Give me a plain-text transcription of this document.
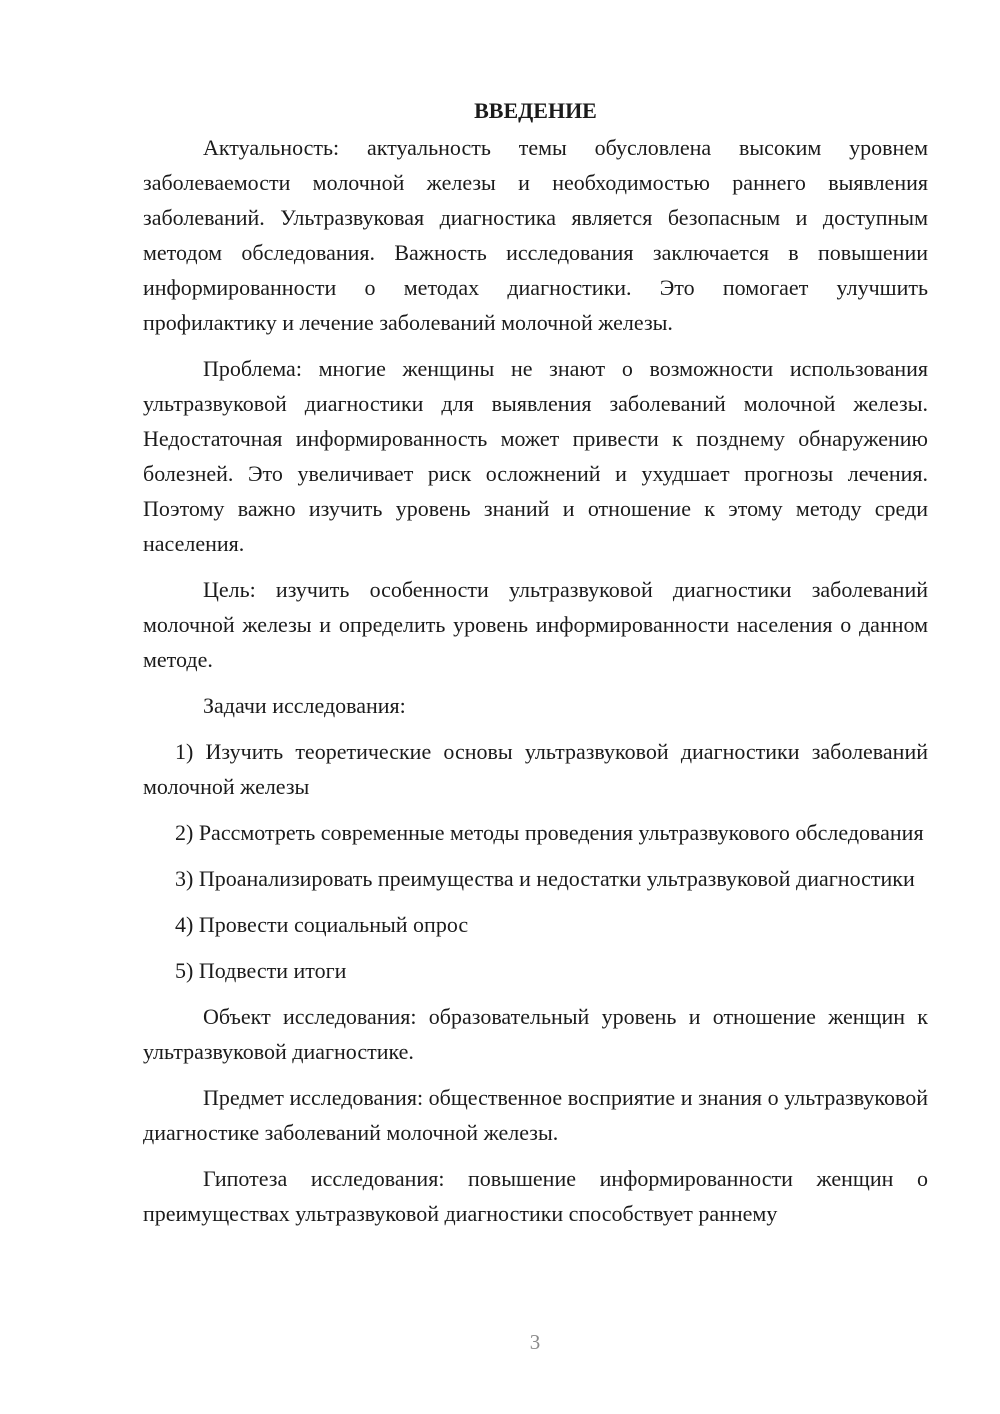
ВВЕДЕНИЕ

Актуальность: актуальность темы обусловлена высоким уровнем заболеваемости молочной железы и необходимостью раннего выявления заболеваний. Ультразвуковая диагностика является безопасным и доступным методом обследования. Важность исследования заключается в повышении информированности о методах диагностики. Это помогает улучшить профилактику и лечение заболеваний молочной железы.

Проблема: многие женщины не знают о возможности использования ультразвуковой диагностики для выявления заболеваний молочной железы. Недостаточная информированность может привести к позднему обнаружению болезней. Это увеличивает риск осложнений и ухудшает прогнозы лечения. Поэтому важно изучить уровень знаний и отношение к этому методу среди населения.

Цель: изучить особенности ультразвуковой диагностики заболеваний молочной железы и определить уровень информированности населения о данном методе.

Задачи исследования:

1) Изучить теоретические основы ультразвуковой диагностики заболеваний молочной железы

2) Рассмотреть современные методы проведения ультразвукового обследования

3) Проанализировать преимущества и недостатки ультразвуковой диагностики

4) Провести социальный опрос

5) Подвести итоги

Объект исследования: образовательный уровень и отношение женщин к ультразвуковой диагностике.

Предмет исследования: общественное восприятие и знания о ультразвуковой диагностике заболеваний молочной железы.

Гипотеза исследования: повышение информированности женщин о преимуществах ультразвуковой диагностики способствует раннему

3
